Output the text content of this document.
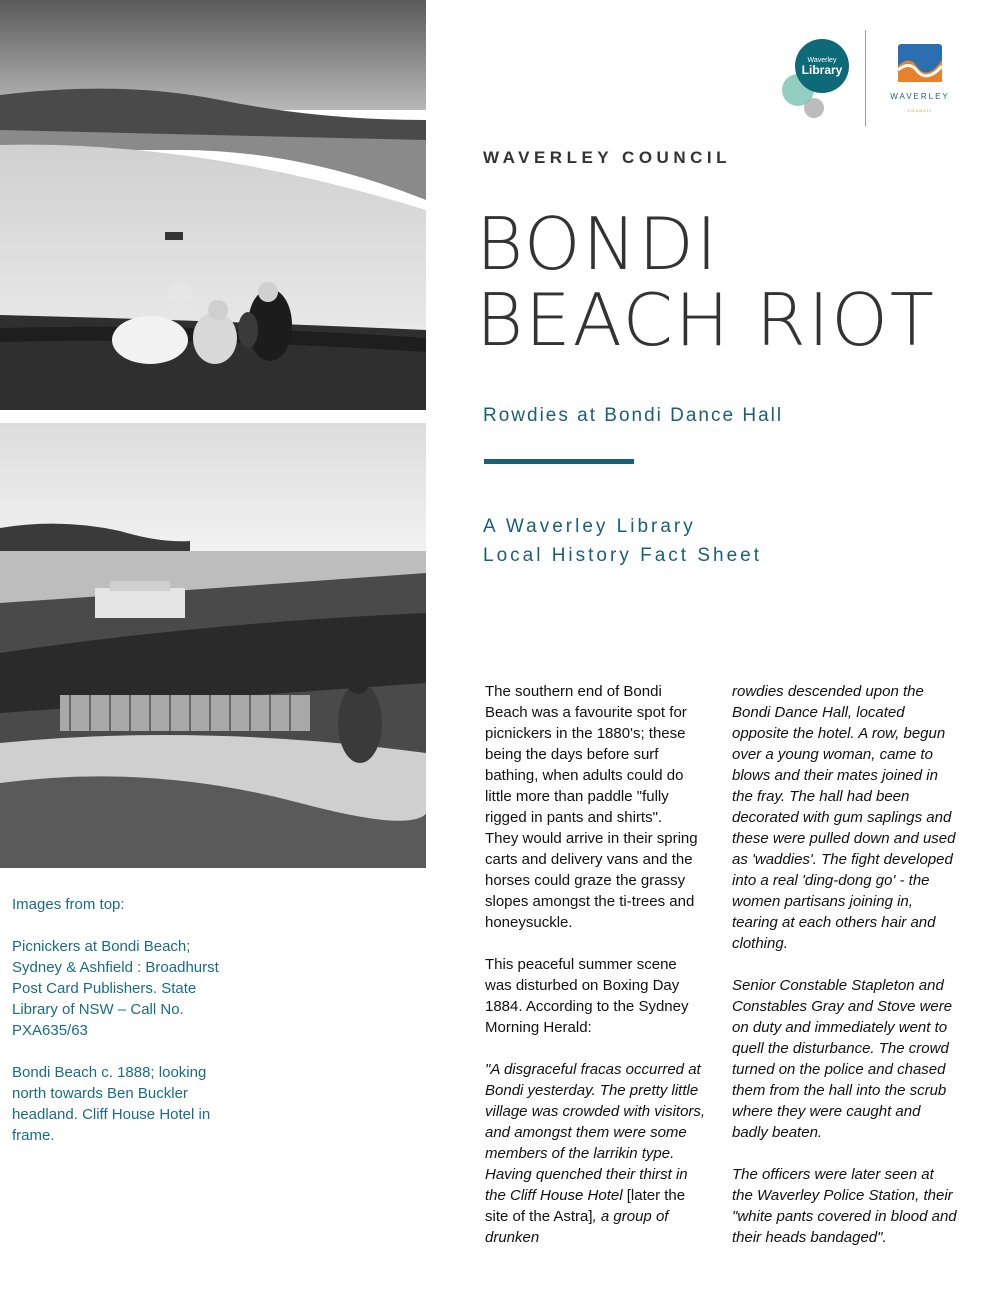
Waverley
Library
COUNCIL
WAVERLEY
WAVERLEY COUNCIL
BONDI
BEACH RIOT
Rowdies at Bondi Dance Hall
A Waverley Library
Local History Fact Sheet

Images from top:

Picnickers at Bondi Beach; Sydney & Ashfield : Broadhurst Post Card Publishers. State Library of NSW – Call No. PXA635/63

Bondi Beach c. 1888; looking north towards Ben Buckler headland. Cliff House Hotel in frame.

The southern end of Bondi Beach was a favourite spot for picnickers in the 1880's; these being the days before surf bathing, when adults could do little more than paddle "fully rigged in pants and shirts".

They would arrive in their spring carts and delivery vans and the horses could graze the grassy slopes amongst the ti-trees and honeysuckle.

This peaceful summer scene was disturbed on Boxing Day 1884. According to the Sydney Morning Herald:

"A disgraceful fracas occurred at Bondi yesterday. The pretty little village was crowded with visitors, and amongst them were some members of the larrikin type. Having quenched their thirst in the Cliff House Hotel [later the site of the Astra], a group of drunken

rowdies descended upon the Bondi Dance Hall, located opposite the hotel. A row, begun over a young woman, came to blows and their mates joined in the fray. The hall had been decorated with gum saplings and these were pulled down and used as 'waddies'. The fight developed into a real 'ding-dong go' - the women partisans joining in, tearing at each others hair and clothing.

Senior Constable Stapleton and Constables Gray and Stove were on duty and immediately went to quell the disturbance. The crowd turned on the police and chased them from the hall into the scrub where they were caught and badly beaten.

The officers were later seen at the Waverley Police Station, their "white pants covered in blood and their heads bandaged".
